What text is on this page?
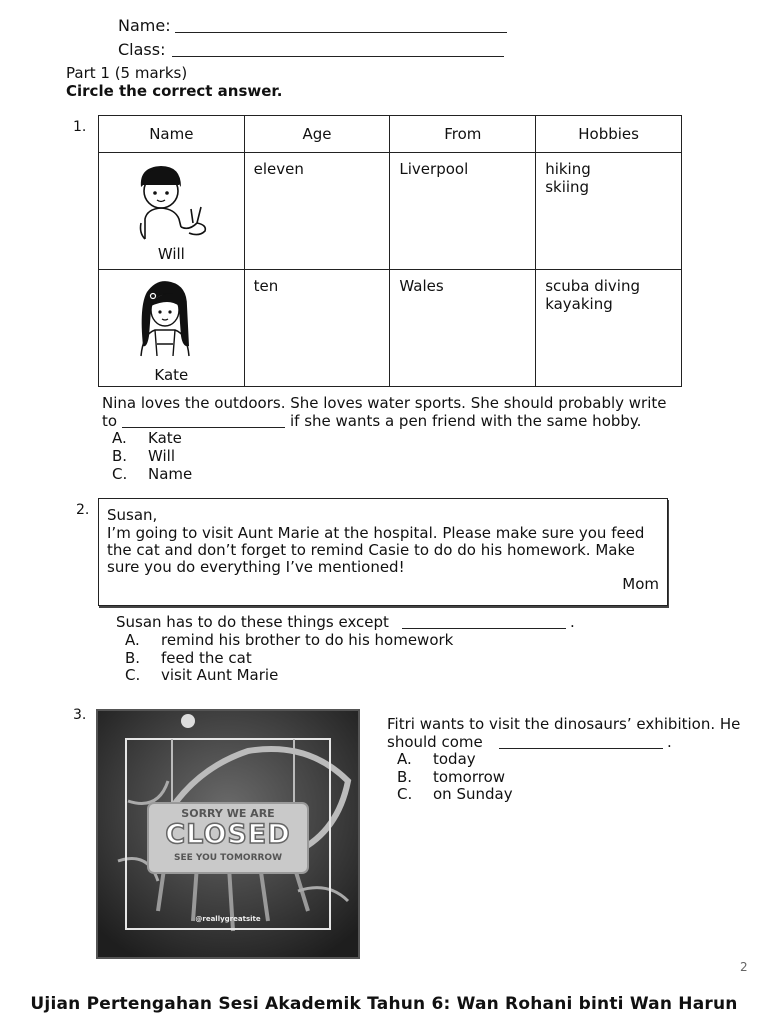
Name:
Class:
Part 1 (5 marks)
Circle the correct answer.
1.	Name	Age	From	Hobbies

Will	eleven	Liverpool	hiking
skiing

Kate	ten	Wales	scuba diving
kayaking
Nina loves the outdoors. She loves water sports. She should probably write
to	if she wants a pen friend with the same hobby.
A. Kate
B. Will
C. Name
2. Susan,
I’m going to visit Aunt Marie at the hospital. Please make sure you feed
the cat and don’t forget to remind Casie to do do his homework. Make
sure you do everything I’ve mentioned!
Mom
Susan has to do these things except	.
A. remind his brother to do his homework
B. feed the cat
C. visit Aunt Marie
3.
SORRY WE ARE
CLOSED
SEE YOU TOMORROW
@reallygreatsite
Fitri wants to visit the dinosaurs’ exhibition. He
should come	.
A. today
B. tomorrow
C. on Sunday
2
Ujian Pertengahan Sesi Akademik Tahun 6: Wan Rohani binti Wan Harun
